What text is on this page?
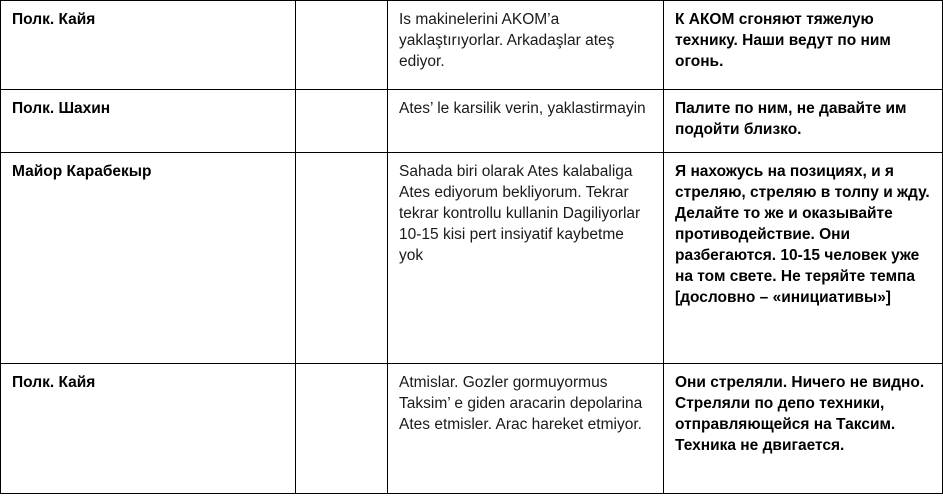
Полк. Кайя		Is makinelerini AKOM’a yaklaştırıyorlar. Arkadaşlar ateş ediyor.	К АКОМ сгоняют тяжелую технику. Наши ведут по ним огонь.
Полк. Шахин		Ates’ le karsilik verin, yaklastirmayin	Палите по ним, не давайте им подойти близко.
Майор Карабекыр		Sahada biri olarak Ates kalabaliga Ates ediyorum bekliyorum. Tekrar tekrar kontrollu kullanin Dagiliyorlar 10-15 kisi pert insiyatif kaybetme yok	Я нахожусь на позициях, и я стреляю, стреляю в толпу и жду. Делайте то же и оказывайте противодействие. Они разбегаются. 10-15 человек уже на том свете. Не теряйте темпа [дословно – «инициативы»]
Полк. Кайя		Atmislar. Gozler gormuyormus Taksim’ e giden aracarin depolarina Ates etmisler. Arac hareket etmiyor.	Они стреляли. Ничего не видно. Стреляли по депо техники, отправляющейся на Таксим. Техника не двигается.
